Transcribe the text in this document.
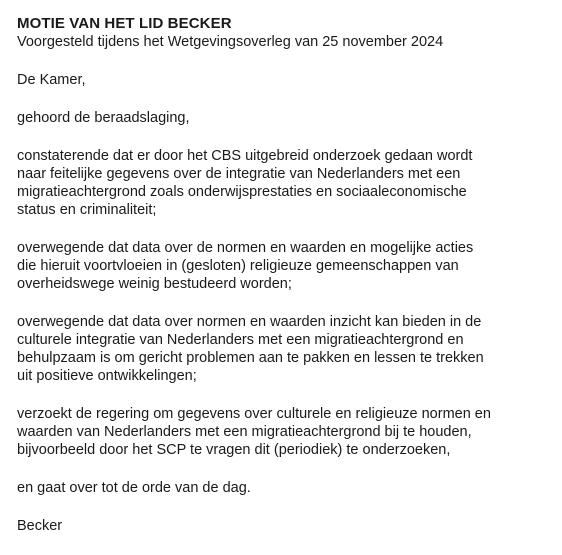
MOTIE VAN HET LID BECKER
Voorgesteld tijdens het Wetgevingsoverleg van 25 november 2024
De Kamer,
gehoord de beraadslaging,
constaterende dat er door het CBS uitgebreid onderzoek gedaan wordt
naar feitelijke gegevens over de integratie van Nederlanders met een
migratieachtergrond zoals onderwijsprestaties en sociaaleconomische
status en criminaliteit;
overwegende dat data over de normen en waarden en mogelijke acties
die hieruit voortvloeien in (gesloten) religieuze gemeenschappen van
overheidswege weinig bestudeerd worden;
overwegende dat data over normen en waarden inzicht kan bieden in de
culturele integratie van Nederlanders met een migratieachtergrond en
behulpzaam is om gericht problemen aan te pakken en lessen te trekken
uit positieve ontwikkelingen;
verzoekt de regering om gegevens over culturele en religieuze normen en
waarden van Nederlanders met een migratieachtergrond bij te houden,
bijvoorbeeld door het SCP te vragen dit (periodiek) te onderzoeken,
en gaat over tot de orde van de dag.
Becker
